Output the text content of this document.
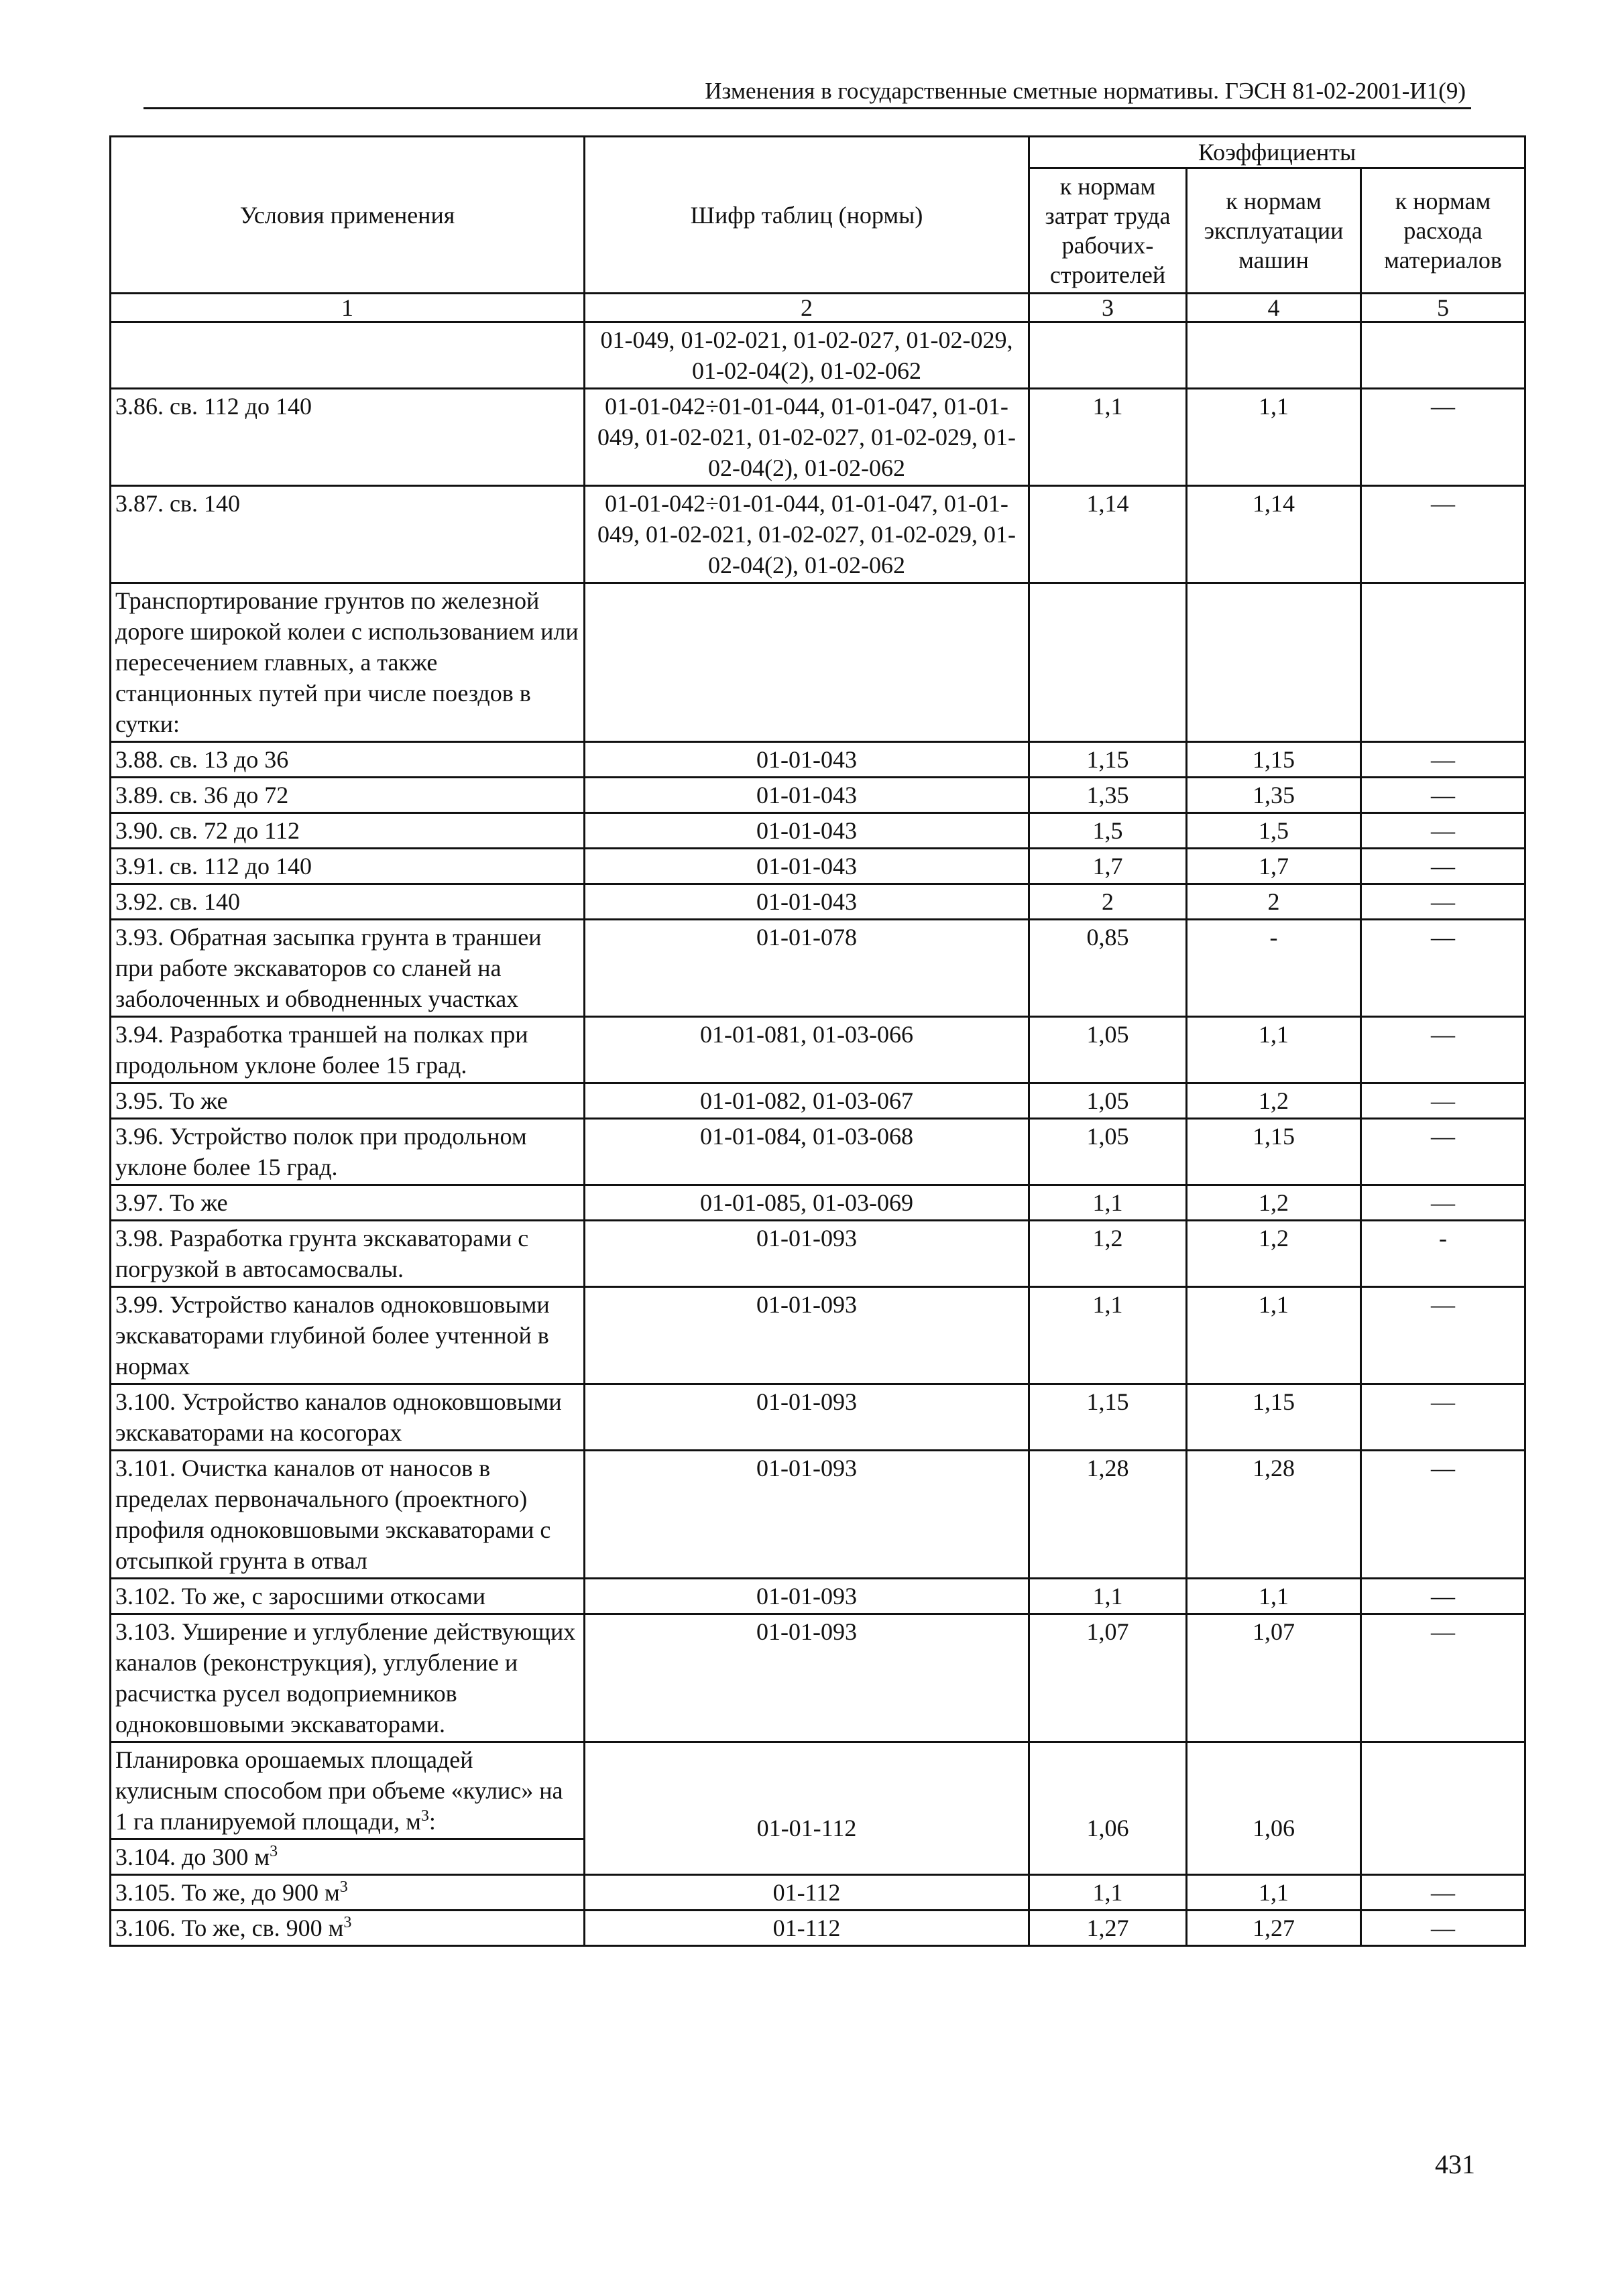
Изменения в государственные сметные нормативы. ГЭСН 81-02-2001-И1(9)
Условия применения	Шифр таблиц (нормы)	Коэффициенты		
		к нормам затрат труда рабочих-строителей	к нормам эксплуатации машин	к нормам расхода материалов
1	2	3	4	5
	01-049, 01-02-021, 01-02-027, 01-02-029, 01-02-04(2), 01-02-062			
3.86. св. 112 до 140	01-01-042÷01-01-044, 01-01-047, 01-01-049, 01-02-021, 01-02-027, 01-02-029, 01-02-04(2), 01-02-062	1,1	1,1	—
3.87. св. 140	01-01-042÷01-01-044, 01-01-047, 01-01-049, 01-02-021, 01-02-027, 01-02-029, 01-02-04(2), 01-02-062	1,14	1,14	—
Транспортирование грунтов по железной дороге широкой колеи с использованием или пересечением главных, а также станционных путей при числе поездов в сутки:				
3.88. св. 13 до 36	01-01-043	1,15	1,15	—
3.89. св. 36 до 72	01-01-043	1,35	1,35	—
3.90. св. 72 до 112	01-01-043	1,5	1,5	—
3.91. св. 112 до 140	01-01-043	1,7	1,7	—
3.92. св. 140	01-01-043	2	2	—
3.93. Обратная засыпка грунта в траншеи при работе экскаваторов со сланей на заболоченных и обводненных участках	01-01-078	0,85	-	—
3.94. Разработка траншей на полках при продольном уклоне более 15 град.	01-01-081, 01-03-066	1,05	1,1	—
3.95. То же	01-01-082, 01-03-067	1,05	1,2	—
3.96. Устройство полок при продольном уклоне более 15 град.	01-01-084, 01-03-068	1,05	1,15	—
3.97. То же	01-01-085, 01-03-069	1,1	1,2	—
3.98. Разработка грунта экскаваторами с погрузкой в автосамосвалы.	01-01-093	1,2	1,2	-
3.99. Устройство каналов одноковшовыми экскаваторами глубиной более учтенной в нормах	01-01-093	1,1	1,1	—
3.100. Устройство каналов одноковшовыми экскаваторами на косогорах	01-01-093	1,15	1,15	—
3.101. Очистка каналов от наносов в пределах первоначального (проектного) профиля одноковшовыми экскаваторами с отсыпкой грунта в отвал	01-01-093	1,28	1,28	—
3.102. То же, с заросшими откосами	01-01-093	1,1	1,1	—
3.103. Уширение и углубление действующих каналов (реконструкция), углубление и расчистка русел водоприемников одноковшовыми экскаваторами.	01-01-093	1,07	1,07	—
Планировка орошаемых площадей кулисным способом при объеме «кулис» на 1 га планируемой площади, $м^3$:	01-01-112	1,06	1,06	
3.104. до 300 $м^3$
3.105. То же, до 900 $м^3$	01-112	1,1	1,1	—
3.106. То же, св. 900 $м^3$	01-112	1,27	1,27	—
431
